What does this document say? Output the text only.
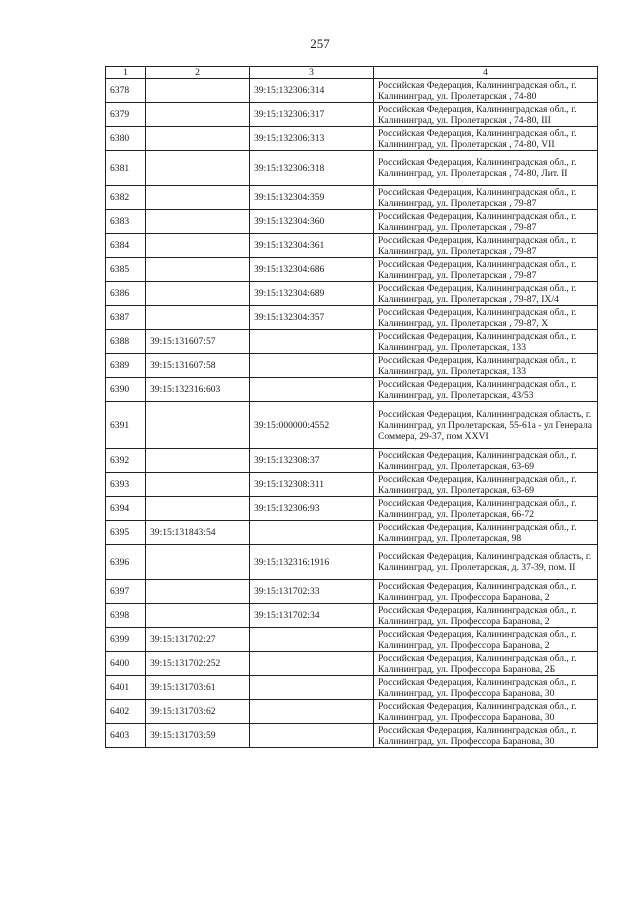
257
1	2	3	4
6378		39:15:132306:314	Российская Федерация, Калининградская обл., г. Калининград, ул. Пролетарская , 74-80
6379		39:15:132306:317	Российская Федерация, Калининградская обл., г. Калининград, ул. Пролетарская , 74-80, III
6380		39:15:132306:313	Российская Федерация, Калининградская обл., г. Калининград, ул. Пролетарская , 74-80, VII
6381		39:15:132306:318	Российская Федерация, Калининградская обл., г. Калининград, ул. Пролетарская , 74-80, Лит. II
6382		39:15:132304:359	Российская Федерация, Калининградская обл., г. Калининград, ул. Пролетарская , 79-87
6383		39:15:132304:360	Российская Федерация, Калининградская обл., г. Калининград, ул. Пролетарская , 79-87
6384		39:15:132304:361	Российская Федерация, Калининградская обл., г. Калининград, ул. Пролетарская , 79-87
6385		39:15:132304:686	Российская Федерация, Калининградская обл., г. Калининград, ул. Пролетарская , 79-87
6386		39:15:132304:689	Российская Федерация, Калининградская обл., г. Калининград, ул. Пролетарская , 79-87, IX/4
6387		39:15:132304:357	Российская Федерация, Калининградская обл., г. Калининград, ул. Пролетарская , 79-87, X
6388	39:15:131607:57		Российская Федерация, Калининградская обл., г. Калининград, ул. Пролетарская, 133
6389	39:15:131607:58		Российская Федерация, Калининградская обл., г. Калининград, ул. Пролетарская, 133
6390	39:15:132316:603		Российская Федерация, Калининградская обл., г. Калининград, ул. Пролетарская, 43/53
6391		39:15:000000:4552	Российская Федерация, Калининградская область, г. Калининград, ул Пролетарская, 55-61а - ул Генерала Соммера, 29-37, пом XXVI
6392		39:15:132308:37	Российская Федерация, Калининградская обл., г. Калининград, ул. Пролетарская, 63-69
6393		39:15:132308:311	Российская Федерация, Калининградская обл., г. Калининград, ул. Пролетарская, 63-69
6394		39:15:132306:93	Российская Федерация, Калининградская обл., г. Калининград, ул. Пролетарская, 66-72
6395	39:15:131843:54		Российская Федерация, Калининградская обл., г. Калининград, ул. Пролетарская, 98
6396		39:15:132316:1916	Российская Федерация, Калининградская область, г. Калининград, ул. Пролетарская, д. 37-39, пом. II
6397		39:15:131702:33	Российская Федерация, Калининградская обл., г. Калининград, ул. Профессора Баранова, 2
6398		39:15:131702:34	Российская Федерация, Калининградская обл., г. Калининград, ул. Профессора Баранова, 2
6399	39:15:131702:27		Российская Федерация, Калининградская обл., г. Калининград, ул. Профессора Баранова, 2
6400	39:15:131702:252		Российская Федерация, Калининградская обл., г. Калининград, ул. Профессора Баранова, 2Б
6401	39:15:131703:61		Российская Федерация, Калининградская обл., г. Калининград, ул. Профессора Баранова, 30
6402	39:15:131703:62		Российская Федерация, Калининградская обл., г. Калининград, ул. Профессора Баранова, 30
6403	39:15:131703:59		Российская Федерация, Калининградская обл., г. Калининград, ул. Профессора Баранова, 30
